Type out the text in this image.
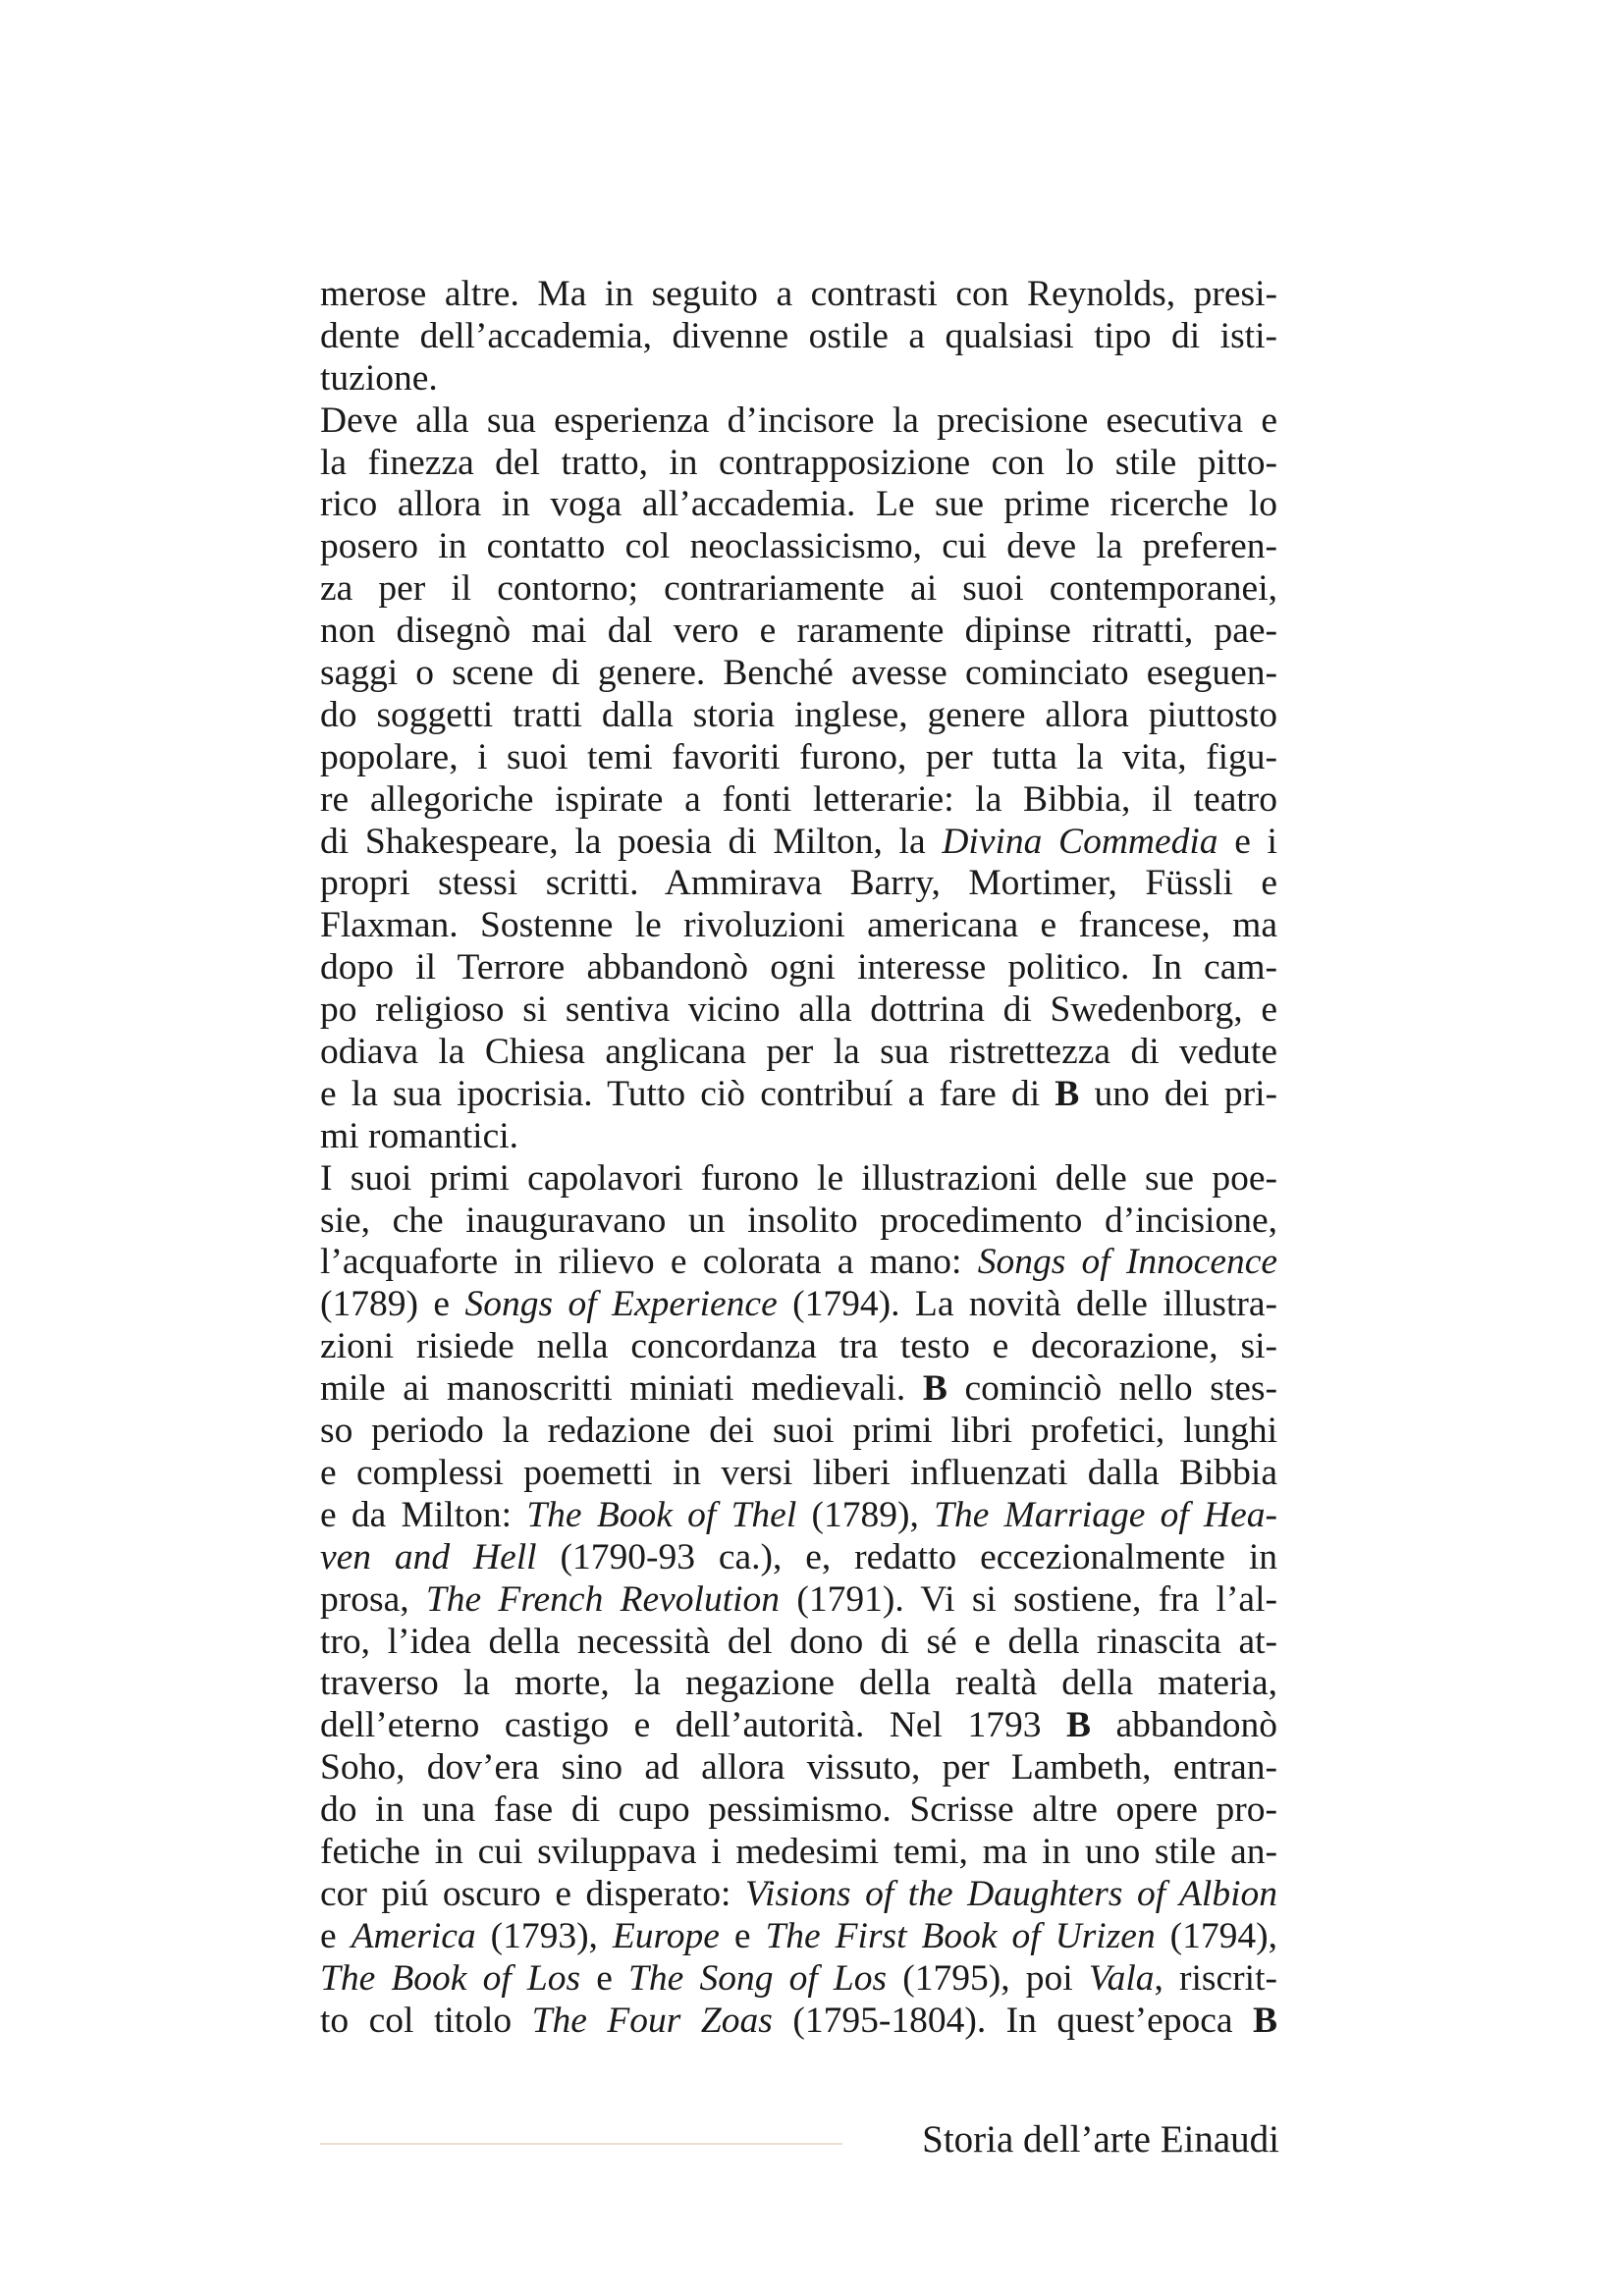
merose altre. Ma in seguito a contrasti con Reynolds, presi-
dente dell’accademia, divenne ostile a qualsiasi tipo di isti-
tuzione.
Deve alla sua esperienza d’incisore la precisione esecutiva e
la finezza del tratto, in contrapposizione con lo stile pitto-
rico allora in voga all’accademia. Le sue prime ricerche lo
posero in contatto col neoclassicismo, cui deve la preferen-
za per il contorno; contrariamente ai suoi contemporanei,
non disegnò mai dal vero e raramente dipinse ritratti, pae-
saggi o scene di genere. Benché avesse cominciato eseguen-
do soggetti tratti dalla storia inglese, genere allora piuttosto
popolare, i suoi temi favoriti furono, per tutta la vita, figu-
re allegoriche ispirate a fonti letterarie: la Bibbia, il teatro
di Shakespeare, la poesia di Milton, la Divina Commedia e i
propri stessi scritti. Ammirava Barry, Mortimer, Füssli e
Flaxman. Sostenne le rivoluzioni americana e francese, ma
dopo il Terrore abbandonò ogni interesse politico. In cam-
po religioso si sentiva vicino alla dottrina di Swedenborg, e
odiava la Chiesa anglicana per la sua ristrettezza di vedute
e la sua ipocrisia. Tutto ciò contribuí a fare di B uno dei pri-
mi romantici.
I suoi primi capolavori furono le illustrazioni delle sue poe-
sie, che inauguravano un insolito procedimento d’incisione,
l’acquaforte in rilievo e colorata a mano: Songs of Innocence
(1789) e Songs of Experience (1794). La novità delle illustra-
zioni risiede nella concordanza tra testo e decorazione, si-
mile ai manoscritti miniati medievali. B cominciò nello stes-
so periodo la redazione dei suoi primi libri profetici, lunghi
e complessi poemetti in versi liberi influenzati dalla Bibbia
e da Milton: The Book of Thel (1789), The Marriage of Hea-
ven and Hell (1790-93 ca.), e, redatto eccezionalmente in
prosa, The French Revolution (1791). Vi si sostiene, fra l’al-
tro, l’idea della necessità del dono di sé e della rinascita at-
traverso la morte, la negazione della realtà della materia,
dell’eterno castigo e dell’autorità. Nel 1793 B abbandonò
Soho, dov’era sino ad allora vissuto, per Lambeth, entran-
do in una fase di cupo pessimismo. Scrisse altre opere pro-
fetiche in cui sviluppava i medesimi temi, ma in uno stile an-
cor piú oscuro e disperato: Visions of the Daughters of Albion
e America (1793), Europe e The First Book of Urizen (1794),
The Book of Los e The Song of Los (1795), poi Vala, riscrit-
to col titolo The Four Zoas (1795-1804). In quest’epoca B
Storia dell’arte Einaudi
